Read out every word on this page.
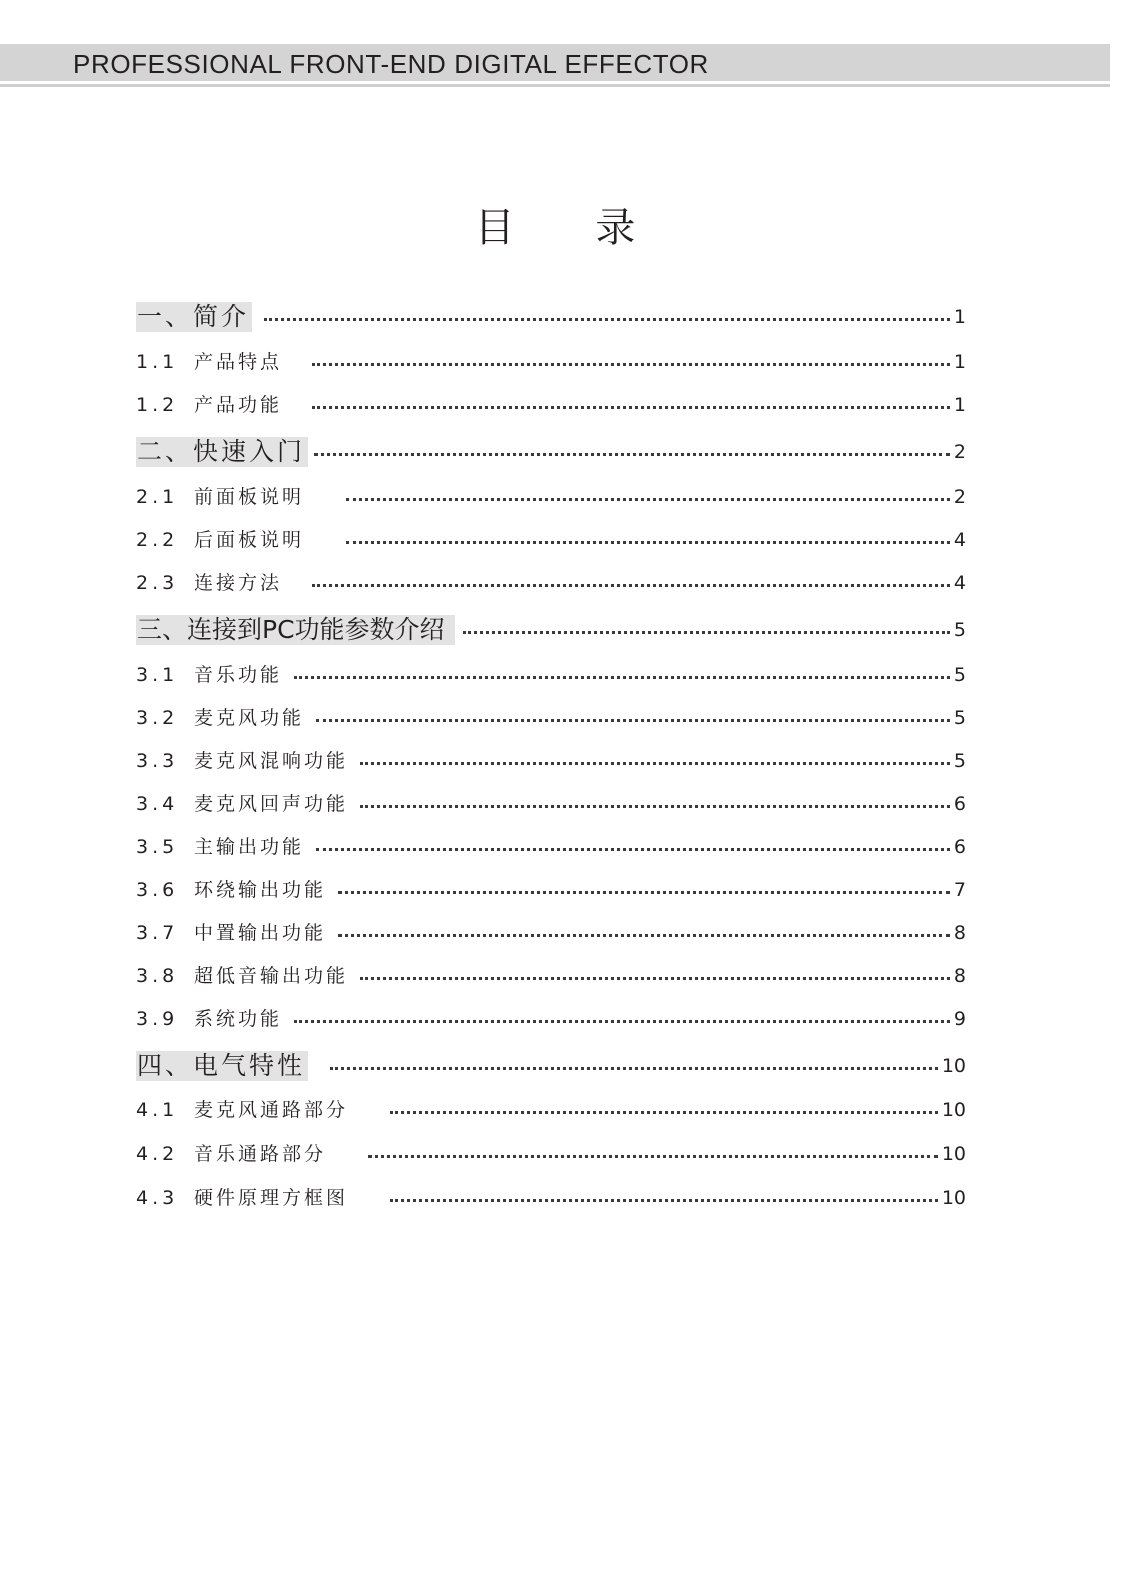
PROFESSIONAL FRONT-END DIGITAL EFFECTOR
目 录
一、简介	1
1.1 产品特点	1
1.2 产品功能	1
二、快速入门	2
2.1 前面板说明	2
2.2 后面板说明	4
2.3 连接方法	4
三、连接到PC功能参数介绍	5
3.1 音乐功能	5
3.2 麦克风功能	5
3.3 麦克风混响功能	5
3.4 麦克风回声功能	6
3.5 主输出功能	6
3.6 环绕输出功能	7
3.7 中置输出功能	8
3.8 超低音输出功能	8
3.9 系统功能	9
四、电气特性	10
4.1 麦克风通路部分	10
4.2 音乐通路部分	10
4.3 硬件原理方框图	10
